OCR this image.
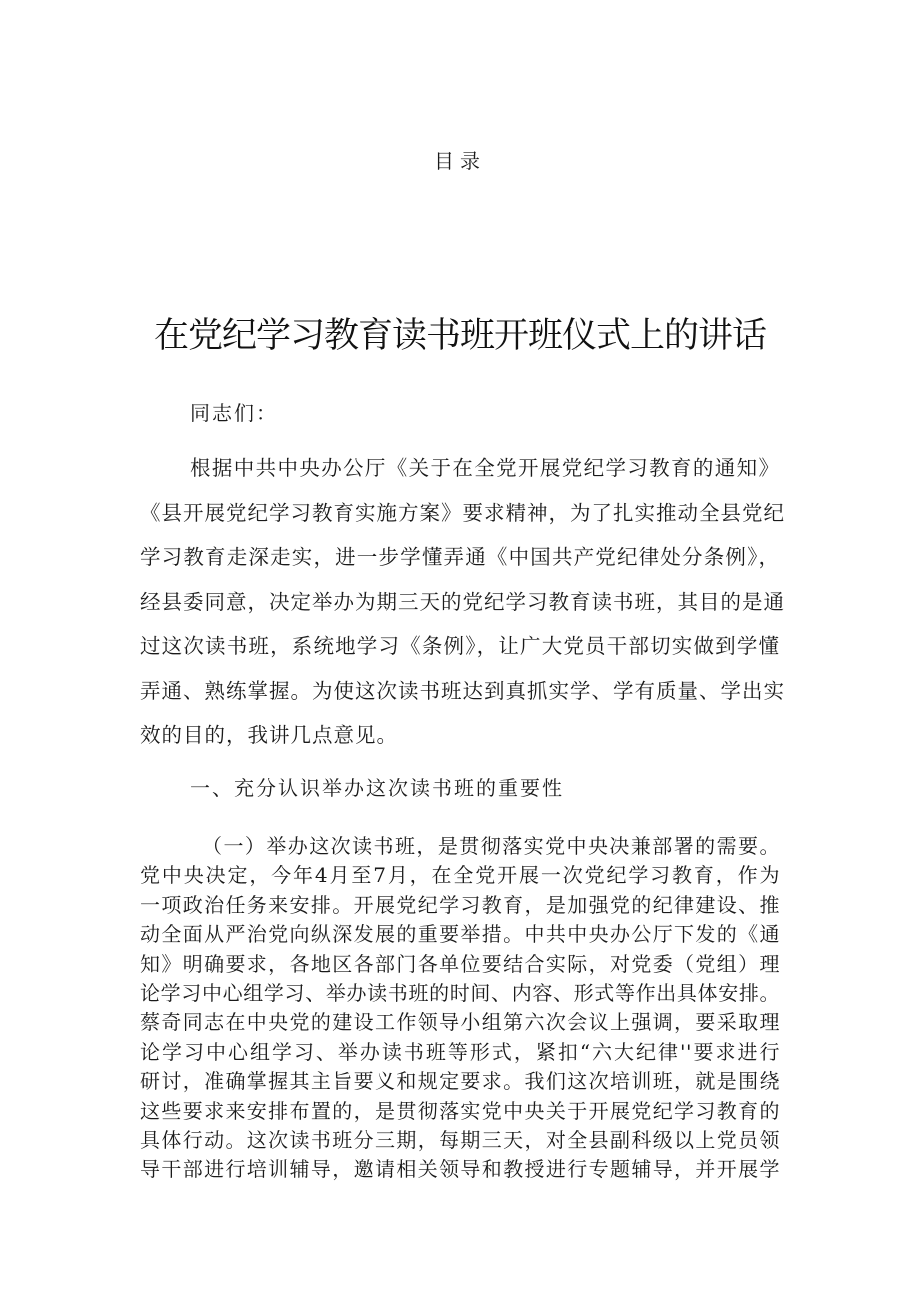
目录
在党纪学习教育读书班开班仪式上的讲话
同志们：
根据中共中央办公厅《关于在全党开展党纪学习教育的通知》
《县开展党纪学习教育实施方案》要求精神，为了扎实推动全县党纪
学习教育走深走实，进一步学懂弄通《中国共产党纪律处分条例》，
经县委同意，决定举办为期三天的党纪学习教育读书班，其目的是通
过这次读书班，系统地学习《条例》，让广大党员干部切实做到学懂
弄通、熟练掌握。为使这次读书班达到真抓实学、学有质量、学出实
效的目的，我讲几点意见。
一、充分认识举办这次读书班的重要性
（一）举办这次读书班，是贯彻落实党中央决兼部署的需要。
党中央决定，今年4月至7月，在全党开展一次党纪学习教育，作为
一项政治任务来安排。开展党纪学习教育，是加强党的纪律建设、推
动全面从严治党向纵深发展的重要举措。中共中央办公厅下发的《通
知》明确要求，各地区各部门各单位要结合实际，对党委（党组）理
论学习中心组学习、举办读书班的时间、内容、形式等作出具体安排。
蔡奇同志在中央党的建设工作领导小组第六次会议上强调，要采取理
论学习中心组学习、举办读书班等形式，紧扣“六大纪律''要求进行
研讨，准确掌握其主旨要义和规定要求。我们这次培训班，就是围绕
这些要求来安排布置的，是贯彻落实党中央关于开展党纪学习教育的
具体行动。这次读书班分三期，每期三天，对全县副科级以上党员领
导干部进行培训辅导，邀请相关领导和教授进行专题辅导，并开展学
